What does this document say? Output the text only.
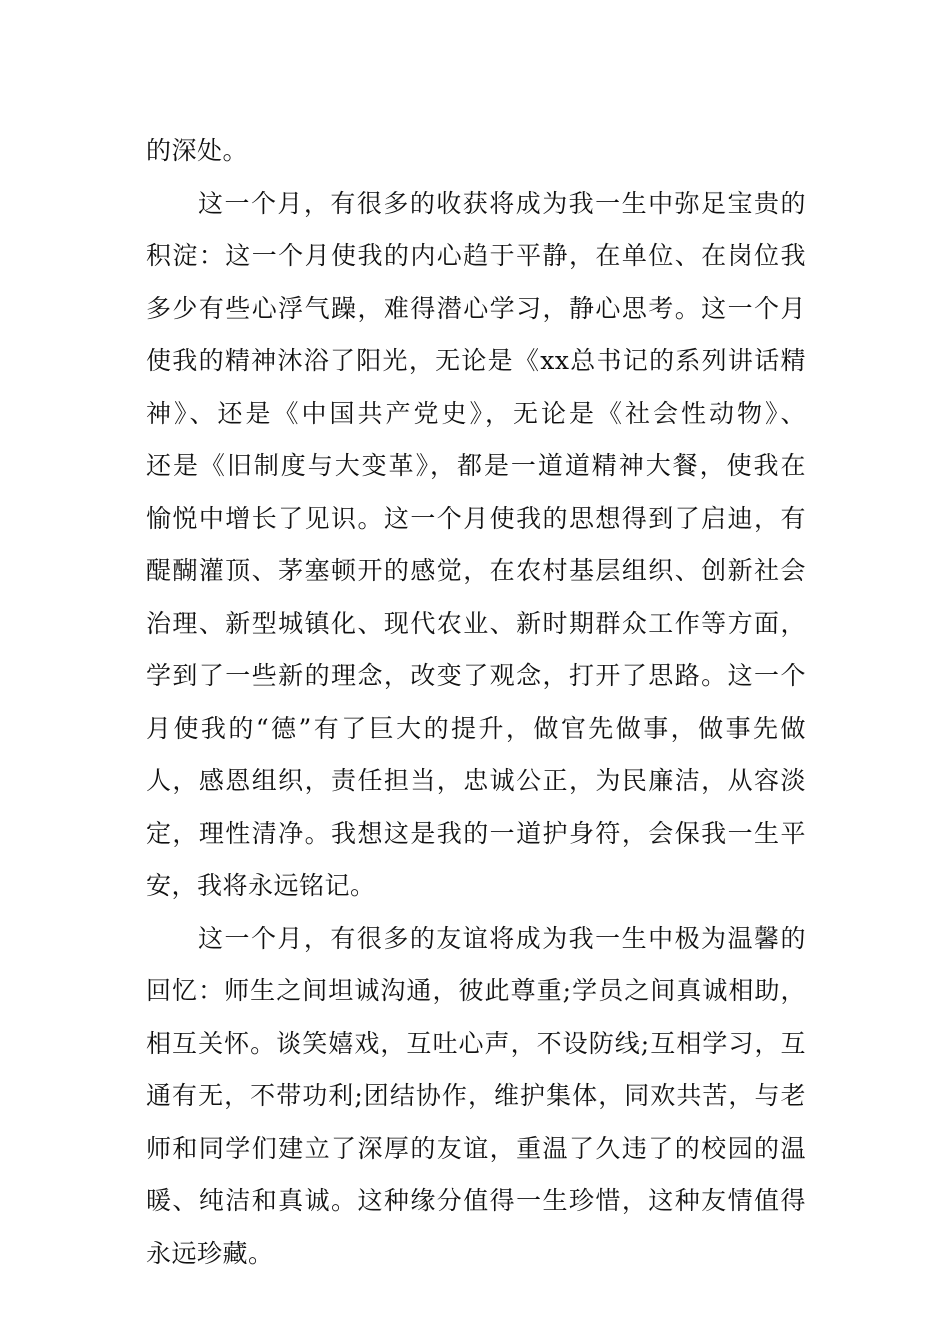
的深处。
这一个月，有很多的收获将成为我一生中弥足宝贵的
积淀：这一个月使我的内心趋于平静，在单位、在岗位我
多少有些心浮气躁，难得潜心学习，静心思考。这一个月
使我的精神沐浴了阳光，无论是《xx总书记的系列讲话精
神》、还是《中国共产党史》，无论是《社会性动物》、
还是《旧制度与大变革》，都是一道道精神大餐，使我在
愉悦中增长了见识。这一个月使我的思想得到了启迪，有
醍醐灌顶、茅塞顿开的感觉，在农村基层组织、创新社会
治理、新型城镇化、现代农业、新时期群众工作等方面，
学到了一些新的理念，改变了观念，打开了思路。这一个
月使我的“德”有了巨大的提升，做官先做事，做事先做
人，感恩组织，责任担当，忠诚公正，为民廉洁，从容淡
定，理性清净。我想这是我的一道护身符，会保我一生平
安，我将永远铭记。
这一个月，有很多的友谊将成为我一生中极为温馨的
回忆：师生之间坦诚沟通，彼此尊重;学员之间真诚相助，
相互关怀。谈笑嬉戏，互吐心声，不设防线;互相学习，互
通有无，不带功利;团结协作，维护集体，同欢共苦，与老
师和同学们建立了深厚的友谊，重温了久违了的校园的温
暖、纯洁和真诚。这种缘分值得一生珍惜，这种友情值得
永远珍藏。
